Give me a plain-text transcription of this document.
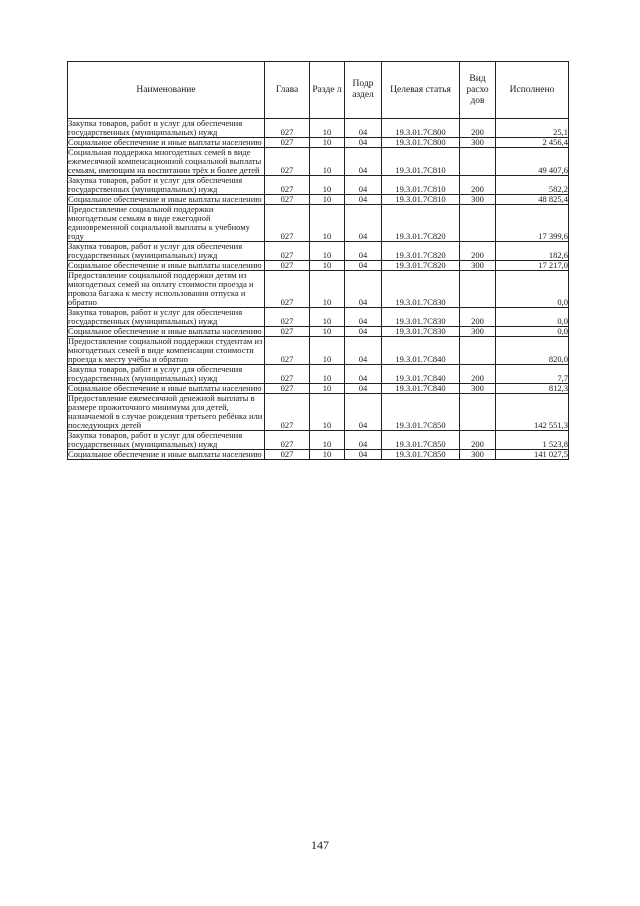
Наименование	Глава	Разде л	Подр аздел	Целевая статья	Вид расхо дов	Исполнено
Закупка товаров, работ и услуг для обеспечения государственных (муниципальных) нужд	027	10	04	19.3.01.7С800	200	25,1
Социальное обеспечение и иные выплаты населению	027	10	04	19.3.01.7С800	300	2 456,4
Социальная поддержка многодетных семей в виде ежемесячной компенсационной социальной выплаты семьям, имеющим на воспитании трёх и более детей	027	10	04	19.3.01.7С810		49 407,6
Закупка товаров, работ и услуг для обеспечения государственных (муниципальных) нужд	027	10	04	19.3.01.7С810	200	582,2
Социальное обеспечение и иные выплаты населению	027	10	04	19.3.01.7С810	300	48 825,4
Предоставление социальной поддержки многодетным семьям в виде ежегодной единовременной социальной выплаты к учебному году	027	10	04	19.3.01.7С820		17 399,6
Закупка товаров, работ и услуг для обеспечения государственных (муниципальных) нужд	027	10	04	19.3.01.7С820	200	182,6
Социальное обеспечение и иные выплаты населению	027	10	04	19.3.01.7С820	300	17 217,0
Предоставление социальной поддержки детям из многодетных семей на оплату стоимости проезда и провоза багажа к месту использования отпуска и обратно	027	10	04	19.3.01.7С830		0,0
Закупка товаров, работ и услуг для обеспечения государственных (муниципальных) нужд	027	10	04	19.3.01.7С830	200	0,0
Социальное обеспечение и иные выплаты населению	027	10	04	19.3.01.7С830	300	0,0
Предоставление социальной поддержки студентам из многодетных семей в виде компенсации стоимости проезда к месту учёбы и обратно	027	10	04	19.3.01.7С840		820,0
Закупка товаров, работ и услуг для обеспечения государственных (муниципальных) нужд	027	10	04	19.3.01.7С840	200	7,7
Социальное обеспечение и иные выплаты населению	027	10	04	19.3.01.7С840	300	812,3
Предоставление ежемесячной денежной выплаты в размере прожиточного минимума для детей, назначаемой в случае рождения третьего ребёнка или последующих детей	027	10	04	19.3.01.7С850		142 551,3
Закупка товаров, работ и услуг для обеспечения государственных (муниципальных) нужд	027	10	04	19.3.01.7С850	200	1 523,8
Социальное обеспечение и иные выплаты населению	027	10	04	19.3.01.7С850	300	141 027,5
147
